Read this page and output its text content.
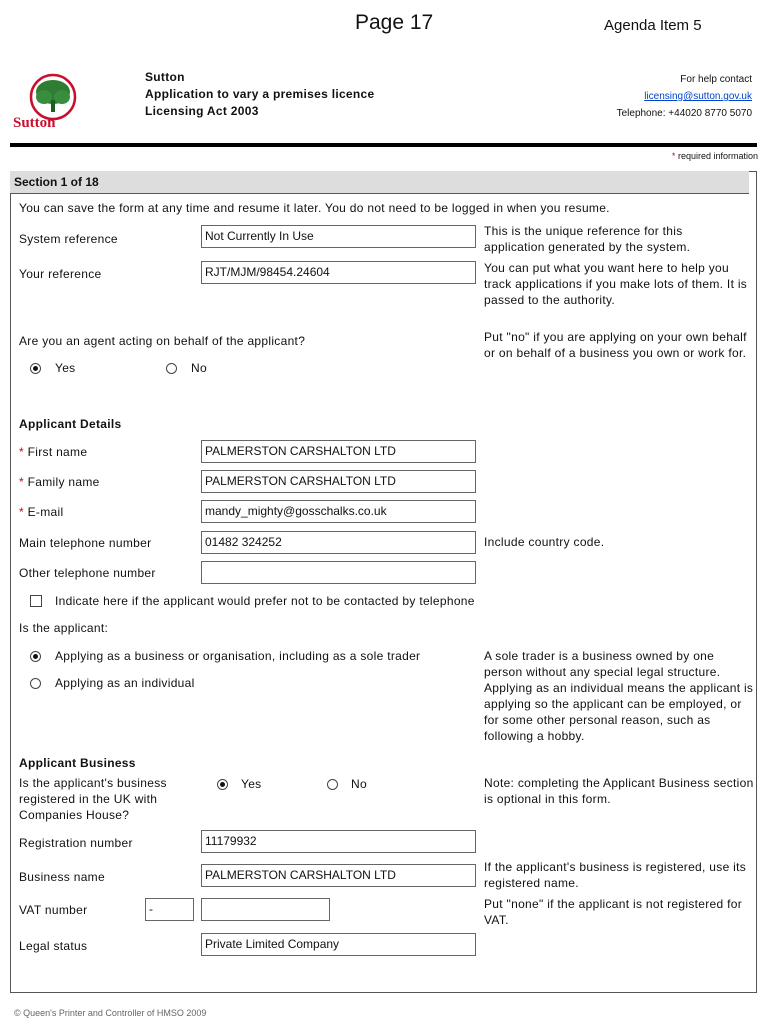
Page 17	Agenda Item 5
Sutton
Sutton
Application to vary a premises licence
Licensing Act 2003
For help contact
licensing@sutton.gov.uk
Telephone: +44020 8770 5070
* required information
Section 1 of 18
You can save the form at any time and resume it later. You do not need to be logged in when you resume.
System reference	Not Currently In Use	This is the unique reference for this application generated by the system.
Your reference	RJT/MJM/98454.24604	You can put what you want here to help you track applications if you make lots of them. It is passed to the authority.
Are you an agent acting on behalf of the applicant?	Put "no" if you are applying on your own behalf or on behalf of a business you own or work for.
Yes	No
Applicant Details
* First name	PALMERSTON CARSHALTON LTD
* Family name	PALMERSTON CARSHALTON LTD
* E-mail	mandy_mighty@gosschalks.co.uk
Main telephone number	01482 324252	Include country code.
Other telephone number
Indicate here if the applicant would prefer not to be contacted by telephone
Is the applicant:
Applying as a business or organisation, including as a sole trader
Applying as an individual
A sole trader is a business owned by one person without any special legal structure. Applying as an individual means the applicant is applying so the applicant can be employed, or for some other personal reason, such as following a hobby.
Applicant Business
Is the applicant's business registered in the UK with Companies House?
Yes	No	Note: completing the Applicant Business section is optional in this form.
Registration number	11179932
Business name	PALMERSTON CARSHALTON LTD
If the applicant's business is registered, use its registered name.
VAT number	-	Put "none" if the applicant is not registered for VAT.
Legal status	Private Limited Company
© Queen's Printer and Controller of HMSO 2009
